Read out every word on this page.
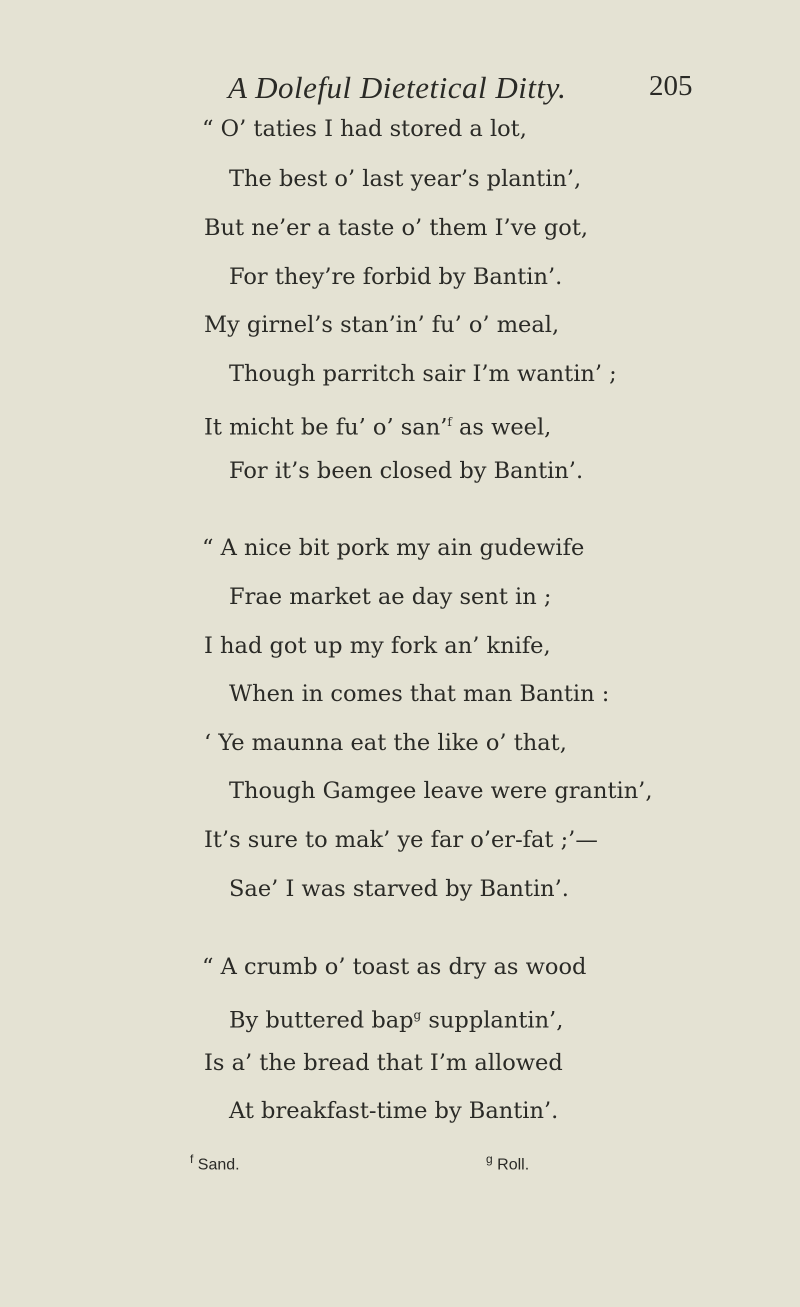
A Doleful Dietetical Ditty.	205
“ O’ taties I had stored a lot,
The best o’ last year’s plantin’,
But ne’er a taste o’ them I’ve got,
For they’re forbid by Bantin’.
My girnel’s stan’in’ fu’ o’ meal,
Though parritch sair I’m wantin’ ;
It micht be fu’ o’ san’$^f$ as weel,
For it’s been closed by Bantin’.
“ A nice bit pork my ain gudewife
Frae market ae day sent in ;
I had got up my fork an’ knife,
When in comes that man Bantin :
‘ Ye maunna eat the like o’ that,
Though Gamgee leave were grantin’,
It’s sure to mak’ ye far o’er-fat ;’—
Sae’ I was starved by Bantin’.
“ A crumb o’ toast as dry as wood
By buttered bap$^g$ supplantin’,
Is a’ the bread that I’m allowed
At breakfast-time by Bantin’.
$^f$ Sand.	$^g$ Roll.
